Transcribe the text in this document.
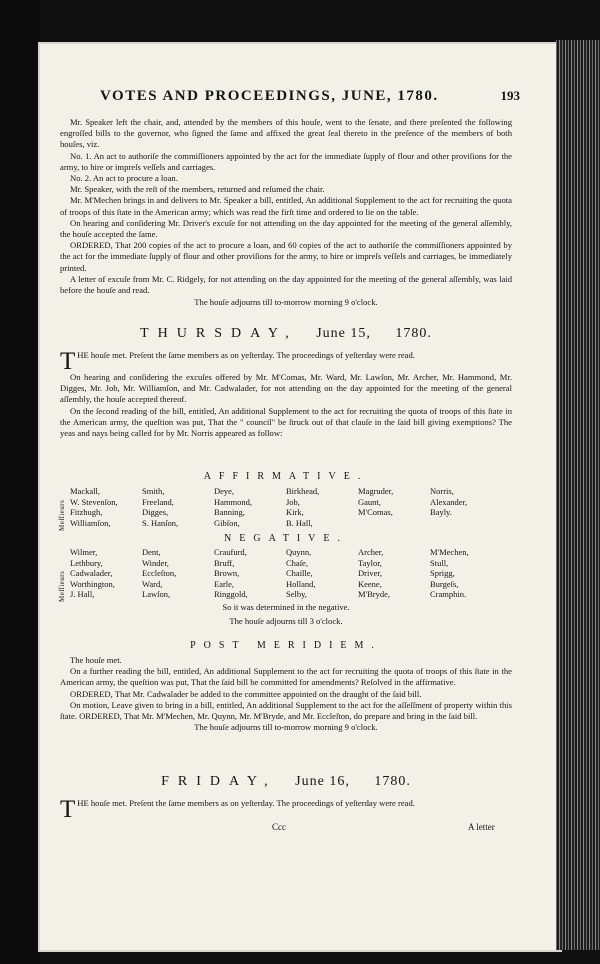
VOTES AND PROCEEDINGS, JUNE, 1780.	193

Mr. Speaker left the chair, and, attended by the members of this houſe, went to the ſenate, and there preſented the following engroſſed bills to the governor, who ſigned the ſame and affixed the great ſeal thereto in the preſence of the members of both houſes, viz.

No. 1. An act to authoriſe the commiſſioners appointed by the act for the immediate ſupply of flour and other proviſions for the army, to hire or impreſs veſſels and carriages.

No. 2. An act to procure a loan.

Mr. Speaker, with the reſt of the members, returned and reſumed the chair.

Mr. M'Mechen brings in and delivers to Mr. Speaker a bill, entitled, An additional Supplement to the act for recruiting the quota of troops of this ſtate in the American army; which was read the firſt time and ordered to lie on the table.

On hearing and conſidering Mr. Driver's excuſe for not attending on the day appointed for the meeting of the general aſſembly, the houſe accepted the ſame.

ORDERED, That 200 copies of the act to procure a loan, and 60 copies of the act to authoriſe the commiſſioners appointed by the act for the immediate ſupply of flour and other proviſions for the army, to hire or impreſs veſſels and carriages, be immediately printed.

A letter of excuſe from Mr. C. Ridgely, for not attending on the day appointed for the meeting of the general aſſembly, was laid before the houſe and read.

The houſe adjourns till to-morrow morning 9 o'clock.

THURSDAY, June 15, 1780.

THE houſe met. Preſent the ſame members as on yeſterday. The proceedings of yeſterday were read.

On hearing and conſidering the excuſes offered by Mr. M'Comas, Mr. Ward, Mr. Lawſon, Mr. Archer, Mr. Hammond, Mr. Digges, Mr. Job, Mr. Williamſon, and Mr. Cadwalader, for not attending on the day appointed for the meeting of the general aſſembly, the houſe accepted thereof.

On the ſecond reading of the bill, entitled, An additional Supplement to the act for recruiting the quota of troops of this ſtate in the American army, the queſtion was put, That the " council" be ſtruck out of that clauſe in the ſaid bill giving exemptions? The yeas and nays being called for by Mr. Norris appeared as follow:

AFFIRMATIVE.
Meſſieurs
Mackall,	Smith,	Deye,	Birkhead,	Magruder,	Norris,
W. Stevenſon,	Freeland,	Hammond,	Job,	Gaunt,	Alexander,
Fitzhugh,	Digges,	Banning,	Kirk,	M'Comas,	Bayly.
Williamſon,	S. Hanſon,	Gibſon,	B. Hall,		
NEGATIVE.
Meſſieurs
Wilmer,	Dent,	Craufurd,	Quynn,	Archer,	M'Mechen,
Lethbury,	Winder,	Bruff,	Chaſe,	Taylor,	Stull,
Cadwalader,	Eccleſton,	Brown,	Chaille,	Driver,	Sprigg,
Worthington,	Ward,	Earle,	Holland,	Keene,	Burgeſs,
J. Hall,	Lawſon,	Ringgold,	Selby,	M'Bryde,	Cramphin.
So it was determined in the negative.
The houſe adjourns till 3 o'clock.
POST MERIDIEM.

The houſe met.

On a further reading the bill, entitled, An additional Supplement to the act for recruiting the quota of troops of this ſtate in the American army, the queſtion was put, That the ſaid bill be committed for amendments? Reſolved in the affirmative.

ORDERED, That Mr. Cadwalader be added to the committee appointed on the draught of the ſaid bill.

On motion, Leave given to bring in a bill, entitled, An additional Supplement to the act for the aſſeſſment of property within this ſtate. ORDERED, That Mr. M'Mechen, Mr. Quynn, Mr. M'Bryde, and Mr. Eccleſton, do prepare and bring in the ſaid bill.

The houſe adjourns till to-morrow morning 9 o'clock.

FRIDAY, June 16, 1780.

THE houſe met. Preſent the ſame members as on yeſterday. The proceedings of yeſterday were read.

Ccc	A letter
